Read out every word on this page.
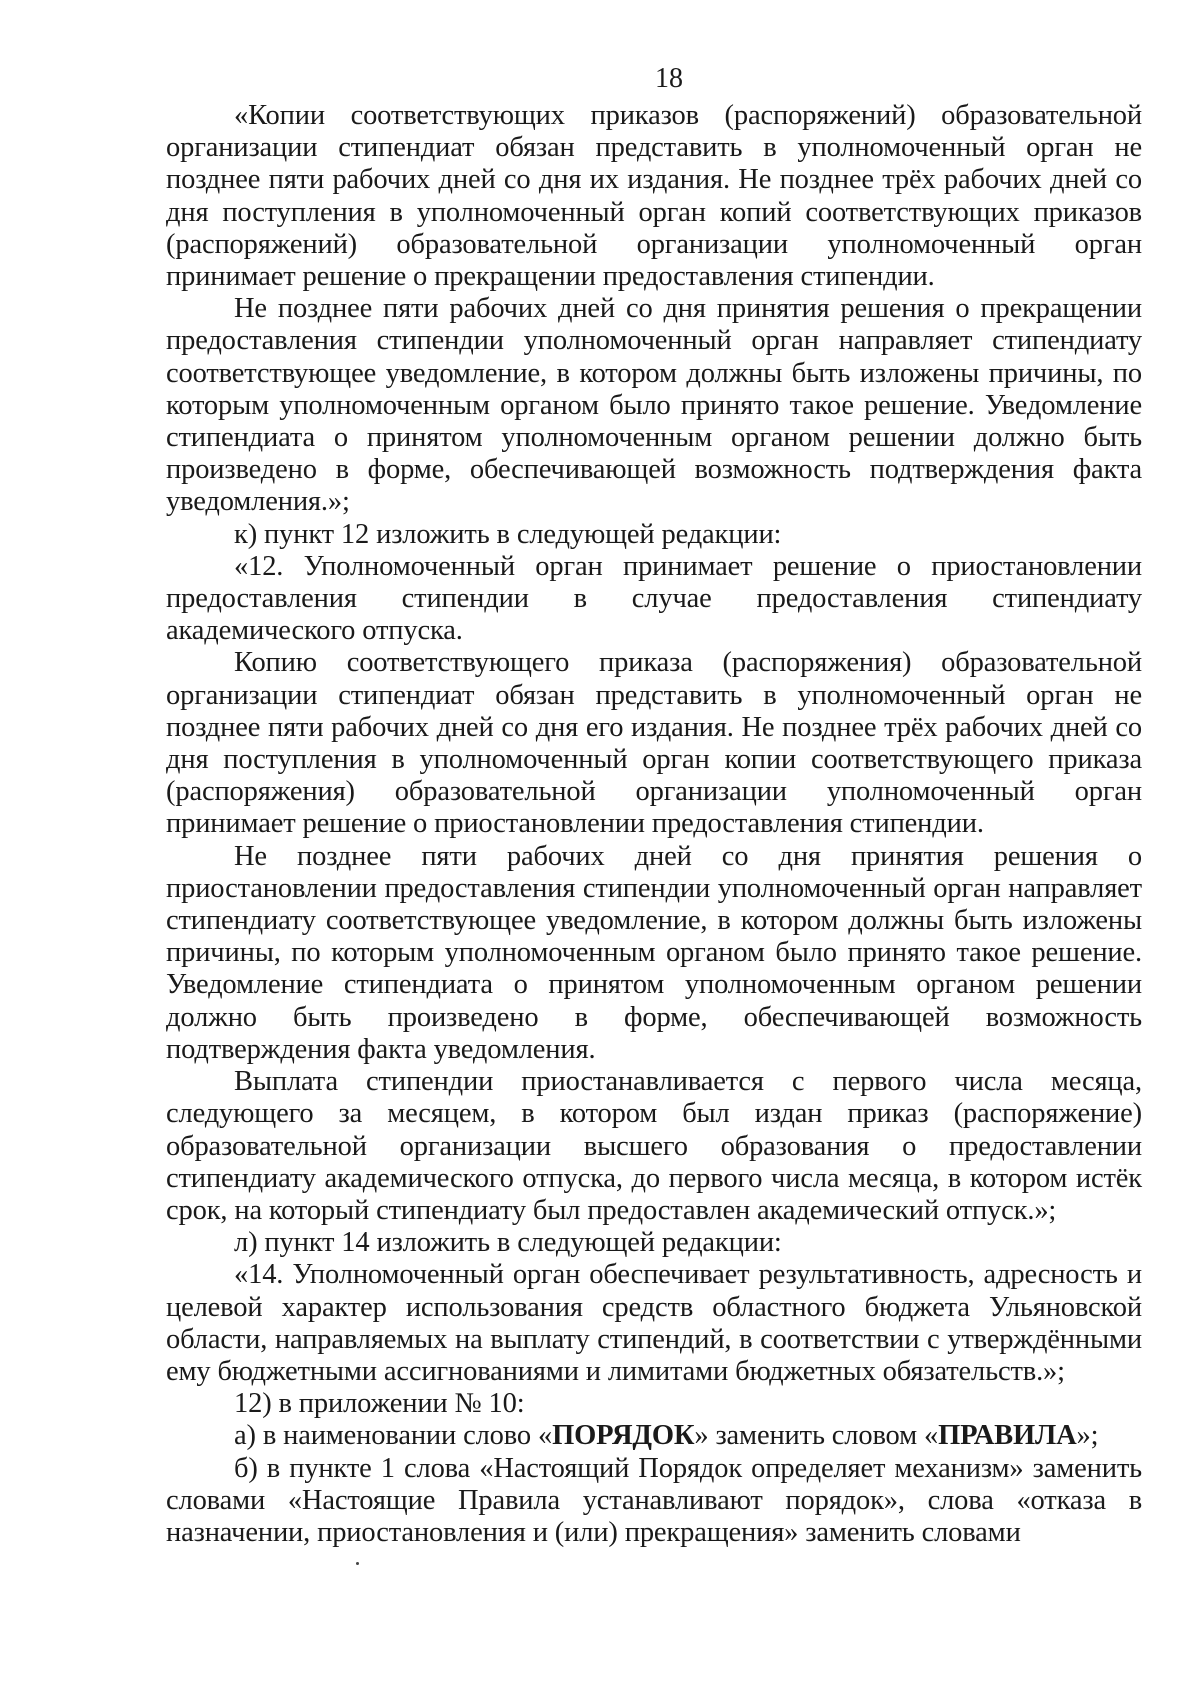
18

«Копии соответствующих приказов (распоряжений) образовательной организации стипендиат обязан представить в уполномоченный орган не позднее пяти рабочих дней со дня их издания. Не позднее трёх рабочих дней со дня поступления в уполномоченный орган копий соответствующих приказов (распоряжений) образовательной организации уполномоченный орган принимает решение о прекращении предоставления стипендии.

Не позднее пяти рабочих дней со дня принятия решения о прекращении предоставления стипендии уполномоченный орган направляет стипендиату соответствующее уведомление, в котором должны быть изложены причины, по которым уполномоченным органом было принято такое решение. Уведомление стипендиата о принятом уполномоченным органом решении должно быть произведено в форме, обеспечивающей возможность подтверждения факта уведомления.»;

к) пункт 12 изложить в следующей редакции:

«12. Уполномоченный орган принимает решение о приостановлении предоставления стипендии в случае предоставления стипендиату академического отпуска.

Копию соответствующего приказа (распоряжения) образовательной организации стипендиат обязан представить в уполномоченный орган не позднее пяти рабочих дней со дня его издания. Не позднее трёх рабочих дней со дня поступления в уполномоченный орган копии соответствующего приказа (распоряжения) образовательной организации уполномоченный орган принимает решение о приостановлении предоставления стипендии.

Не позднее пяти рабочих дней со дня принятия решения о приостановлении предоставления стипендии уполномоченный орган направляет стипендиату соответствующее уведомление, в котором должны быть изложены причины, по которым уполномоченным органом было принято такое решение. Уведомление стипендиата о принятом уполномоченным органом решении должно быть произведено в форме, обеспечивающей возможность подтверждения факта уведомления.

Выплата стипендии приостанавливается с первого числа месяца, следующего за месяцем, в котором был издан приказ (распоряжение) образовательной организации высшего образования о предоставлении стипендиату академического отпуска, до первого числа месяца, в котором истёк срок, на который стипендиату был предоставлен академический отпуск.»;

л) пункт 14 изложить в следующей редакции:

«14. Уполномоченный орган обеспечивает результативность, адресность и целевой характер использования средств областного бюджета Ульяновской области, направляемых на выплату стипендий, в соответствии с утверждёнными ему бюджетными ассигнованиями и лимитами бюджетных обязательств.»;

12) в приложении № 10:

а) в наименовании слово «ПОРЯДОК» заменить словом «ПРАВИЛА»;

б) в пункте 1 слова «Настоящий Порядок определяет механизм» заменить словами «Настоящие Правила устанавливают порядок», слова «отказа в назначении, приостановления и (или) прекращения» заменить словами
